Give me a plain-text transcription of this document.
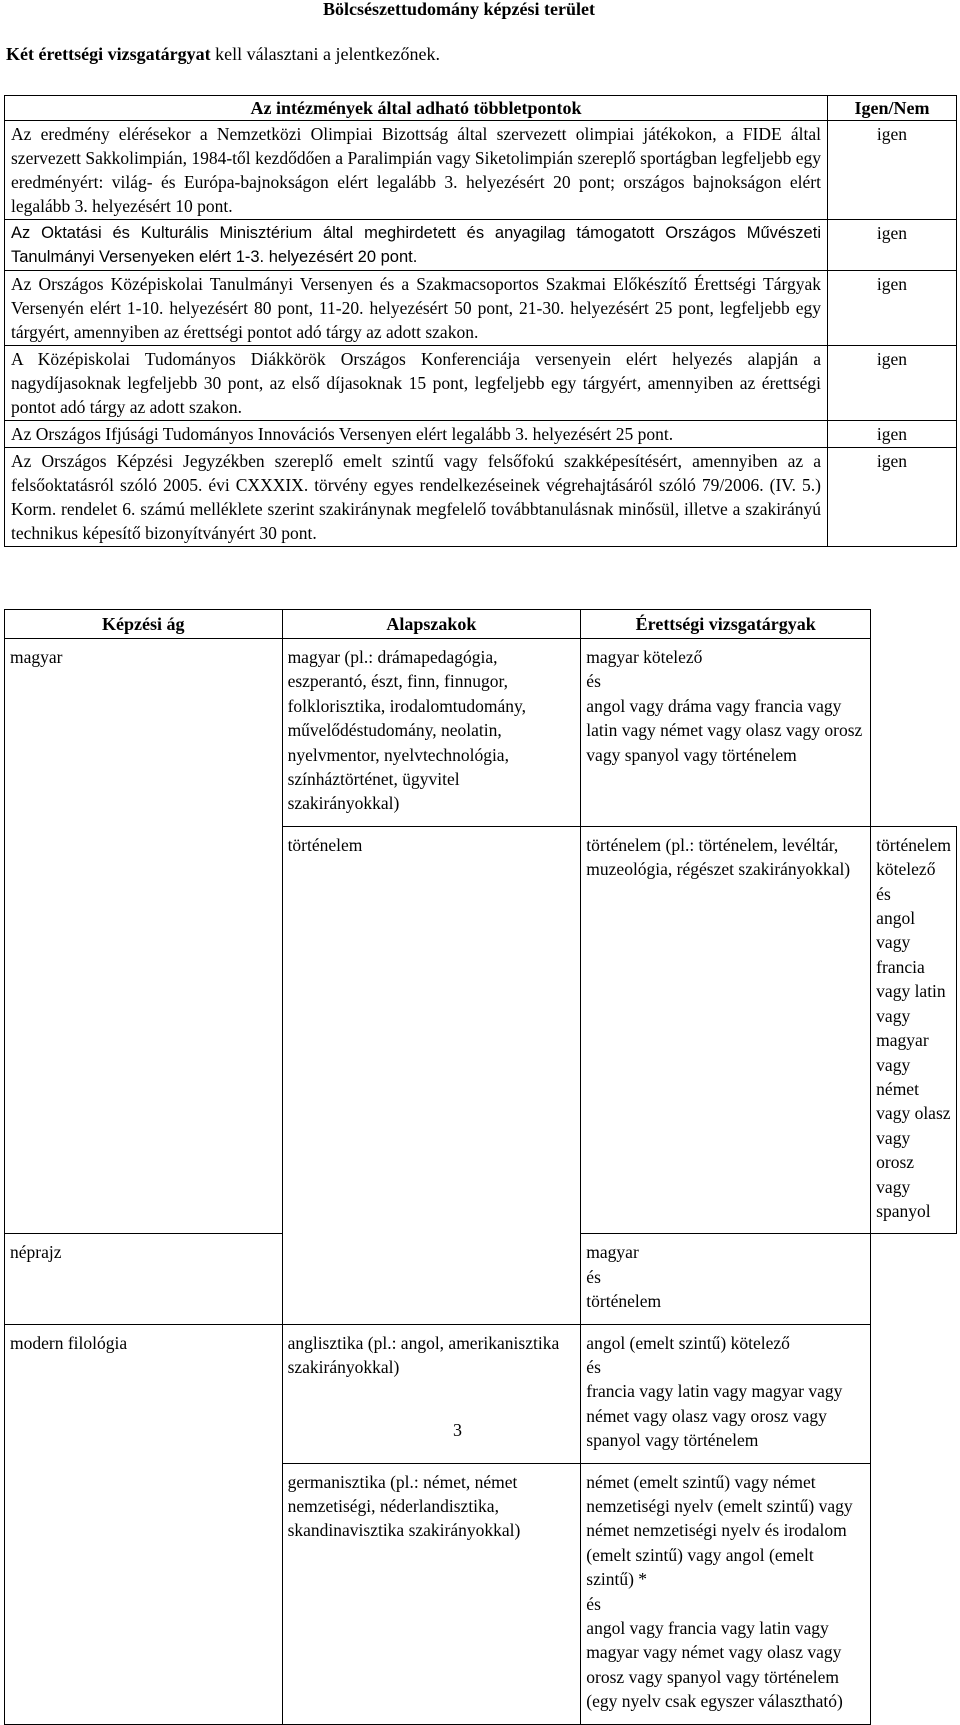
Bölcsészettudomány képzési terület
Két érettségi vizsgatárgyat kell választani a jelentkezőnek.
Az intézmények által adható többletpontok	Igen/Nem
Az eredmény elérésekor a Nemzetközi Olimpiai Bizottság által szervezett olimpiai játékokon, a FIDE által szervezett Sakkolimpián, 1984-től kezdődően a Paralimpián vagy Siketolimpián szereplő sportágban legfeljebb egy eredményért: világ- és Európa-bajnokságon elért legalább 3. helyezésért 20 pont; országos bajnokságon elért legalább 3. helyezésért 10 pont.	igen
Az Oktatási és Kulturális Minisztérium által meghirdetett és anyagilag támogatott Országos Művészeti Tanulmányi Versenyeken elért 1-3. helyezésért 20 pont.	igen
Az Országos Középiskolai Tanulmányi Versenyen és a Szakmacsoportos Szakmai Előkészítő Érettségi Tárgyak Versenyén elért 1-10. helyezésért 80 pont, 11-20. helyezésért 50 pont, 21-30. helyezésért 25 pont, legfeljebb egy tárgyért, amennyiben az érettségi pontot adó tárgy az adott szakon.	igen
A Középiskolai Tudományos Diákkörök Országos Konferenciája versenyein elért helyezés alapján a nagydíjasoknak legfeljebb 30 pont, az első díjasoknak 15 pont, legfeljebb egy tárgyért, amennyiben az érettségi pontot adó tárgy az adott szakon.	igen
Az Országos Ifjúsági Tudományos Innovációs Versenyen elért legalább 3. helyezésért 25 pont.	igen
Az Országos Képzési Jegyzékben szereplő emelt szintű vagy felsőfokú szakképesítésért, amennyiben az a felsőoktatásról szóló 2005. évi CXXXIX. törvény egyes rendelkezéseinek végrehajtásáról szóló 79/2006. (IV. 5.) Korm. rendelet 6. számú melléklete szerint szakiránynak megfelelő továbbtanulásnak minősül, illetve a szakirányú technikus képesítő bizonyítványért 30 pont.	igen
Képzési ág	Alapszakok	Érettségi vizsgatárgyak	
magyar	magyar (pl.: drámapedagógia, eszperantó, észt, finn, finnugor, folklorisztika, irodalomtudomány, művelődéstudomány, neolatin, nyelvmentor, nyelvtechnológia, színháztörténet, ügyvitel szakirányokkal)	magyar kötelező
és
angol vagy dráma vagy francia vagy latin vagy német vagy olasz vagy orosz vagy spanyol vagy történelem	

	történelem	történelem (pl.: történelem, levéltár, muzeológia, régészet szakirányokkal)	történelem kötelező
és
angol vagy francia vagy latin vagy magyar vagy német vagy olasz vagy orosz vagy spanyol

néprajz		magyar
és
történelem	

modern filológia	anglisztika (pl.: angol, amerikanisztika szakirányokkal)	angol (emelt szintű) kötelező
és
francia vagy latin vagy magyar vagy német vagy olasz vagy orosz vagy spanyol vagy történelem	

	germanisztika (pl.: német, német nemzetiségi, néderlandisztika, skandinavisztika szakirányokkal)	német (emelt szintű) vagy német nemzetiségi nyelv (emelt szintű) vagy német nemzetiségi nyelv és irodalom (emelt szintű) vagy angol (emelt szintű) *
és
angol vagy francia vagy latin vagy magyar vagy német vagy olasz vagy orosz vagy spanyol vagy történelem (egy nyelv csak egyszer választható)	
3
